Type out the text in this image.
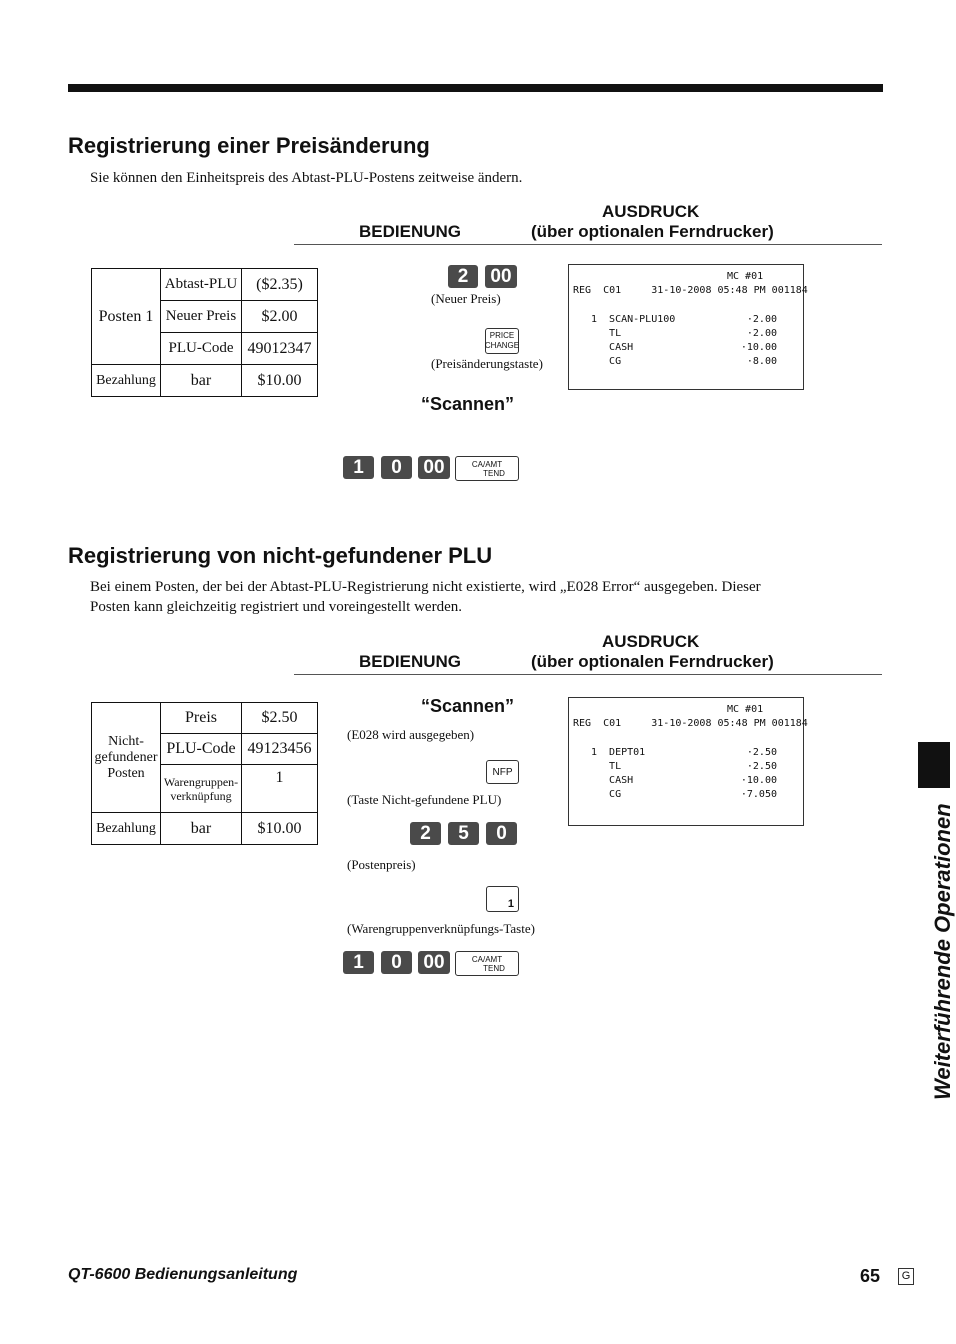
Registrierung einer Preisänderung
Sie können den Einheitspreis des Abtast-PLU-Postens zeitweise ändern.
AUSDRUCK
BEDIENUNG	(über optionalen Ferndrucker)
Posten 1	Abtast-PLU	($2.35)
	Neuer Preis	$2.00
	PLU-Code	49012347
Bezahlung	bar	$10.00
2	00
(Neuer Preis)
PRICE
CHANGE
(Preisänderungstaste)
“Scannen”
1	0	00	CA/AMT
TEND
MC #01
REG  C01     31-10-2008 05:48 PM 001184
1  SCAN-PLU100	·2.00
TL	·2.00
CASH	·10.00
CG	·8.00
Registrierung von nicht-gefundener PLU
Bei einem Posten, der bei der Abtast-PLU-Registrierung nicht existierte, wird „E028 Error“ ausgegeben. Dieser
Posten kann gleichzeitig registriert und voreingestellt werden.
AUSDRUCK
BEDIENUNG	(über optionalen Ferndrucker)
Nicht-
gefundener
Posten	Preis	$2.50
	PLU-Code	49123456

	Warengruppen-
verknüpfung	1
Bezahlung	bar	$10.00
“Scannen”
(E028 wird ausgegeben)
NFP
(Taste Nicht-gefundene PLU)
2	5	0
(Postenpreis)
1
(Warengruppenverknüpfungs-Taste)
1	0	00	CA/AMT
TEND
MC #01
REG  C01     31-10-2008 05:48 PM 001184
1  DEPT01	·2.50
TL	·2.50
CASH	·10.00
CG	·7.050
Weiterführende Operationen
QT-6600 Bedienungsanleitung	65	G
